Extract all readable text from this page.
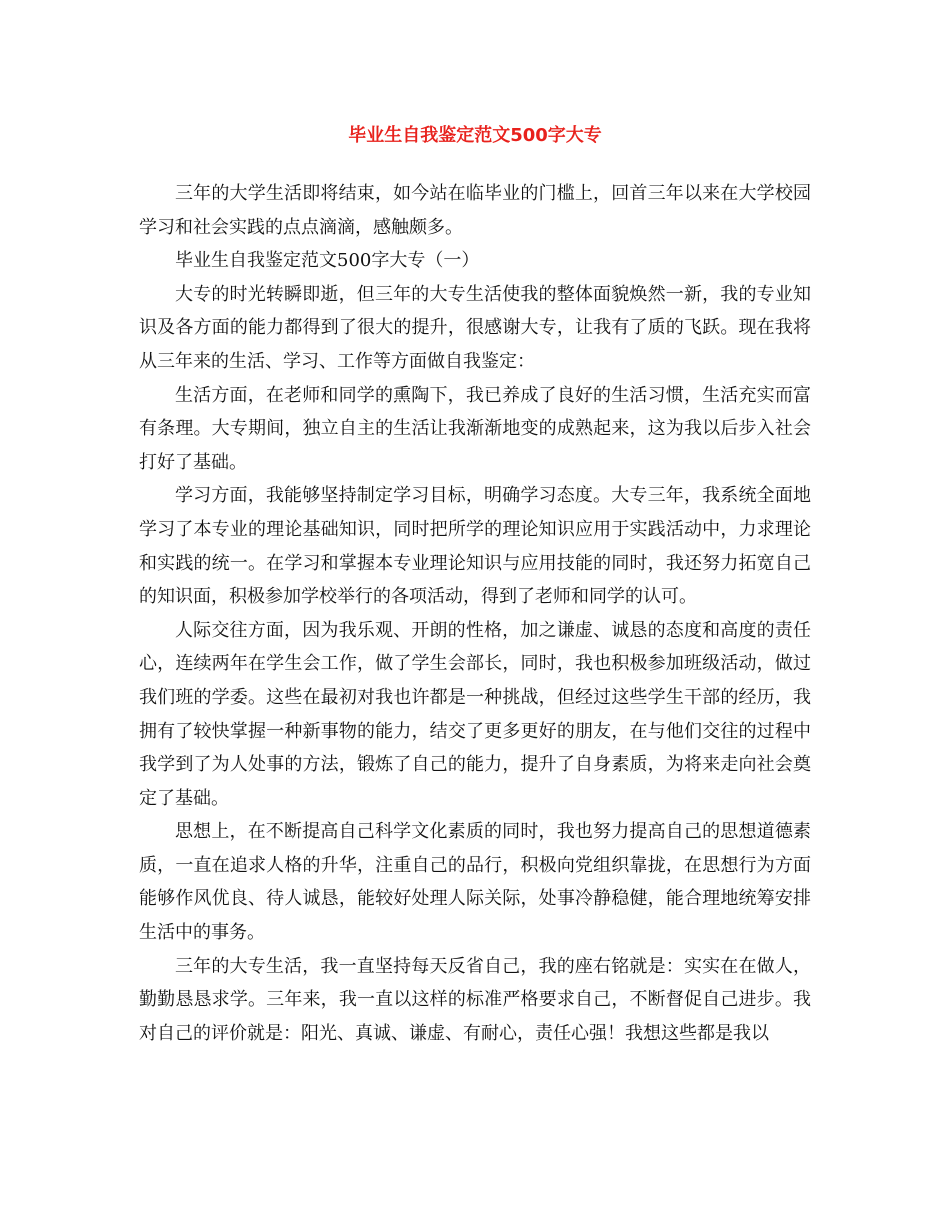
毕业生自我鉴定范文500字大专

三年的大学生活即将结束，如今站在临毕业的门槛上，回首三年以来在大学校园学习和社会实践的点点滴滴，感触颇多。

毕业生自我鉴定范文500字大专（一）

大专的时光转瞬即逝，但三年的大专生活使我的整体面貌焕然一新，我的专业知识及各方面的能力都得到了很大的提升，很感谢大专，让我有了质的飞跃。现在我将从三年来的生活、学习、工作等方面做自我鉴定：

生活方面，在老师和同学的熏陶下，我已养成了良好的生活习惯，生活充实而富有条理。大专期间，独立自主的生活让我渐渐地变的成熟起来，这为我以后步入社会打好了基础。

学习方面，我能够坚持制定学习目标，明确学习态度。大专三年，我系统全面地学习了本专业的理论基础知识，同时把所学的理论知识应用于实践活动中，力求理论和实践的统一。在学习和掌握本专业理论知识与应用技能的同时，我还努力拓宽自己的知识面，积极参加学校举行的各项活动，得到了老师和同学的认可。

人际交往方面，因为我乐观、开朗的性格，加之谦虚、诚恳的态度和高度的责任心，连续两年在学生会工作，做了学生会部长，同时，我也积极参加班级活动，做过我们班的学委。这些在最初对我也许都是一种挑战，但经过这些学生干部的经历，我拥有了较快掌握一种新事物的能力，结交了更多更好的朋友，在与他们交往的过程中我学到了为人处事的方法，锻炼了自己的能力，提升了自身素质，为将来走向社会奠定了基础。

思想上，在不断提高自己科学文化素质的同时，我也努力提高自己的思想道德素质，一直在追求人格的升华，注重自己的品行，积极向党组织靠拢，在思想行为方面能够作风优良、待人诚恳，能较好处理人际关际，处事冷静稳健，能合理地统筹安排生活中的事务。

三年的大专生活，我一直坚持每天反省自己，我的座右铭就是：实实在在做人，勤勤恳恳求学。三年来，我一直以这样的标准严格要求自己，不断督促自己进步。我对自己的评价就是：阳光、真诚、谦虚、有耐心，责任心强！我想这些都是我以
